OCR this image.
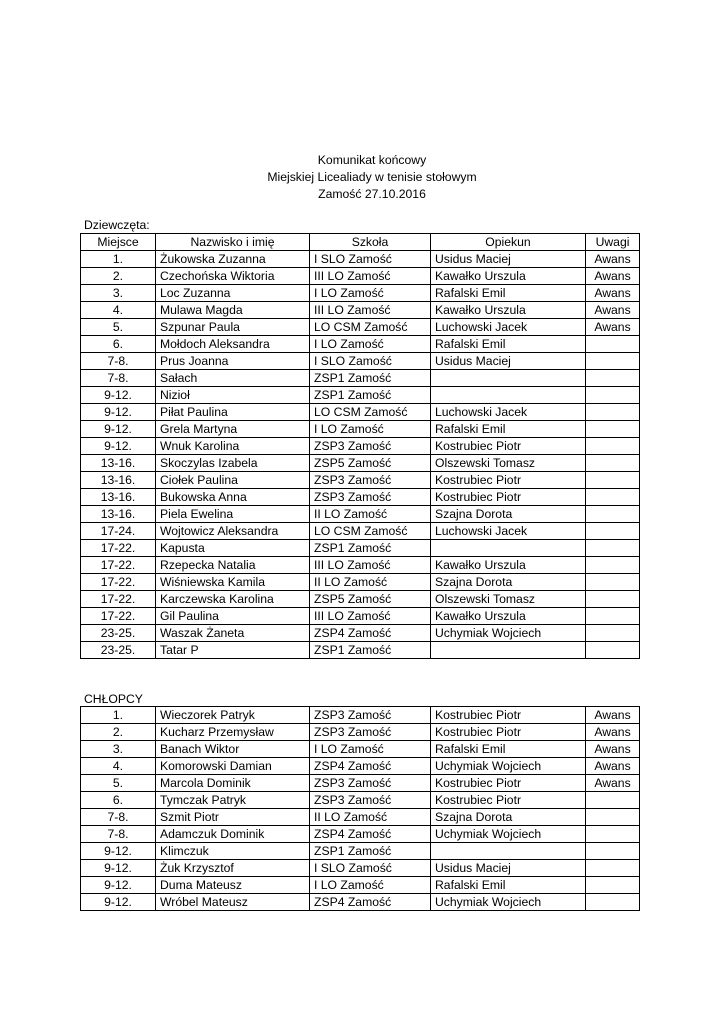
Komunikat końcowy
Miejskiej Licealiady w tenisie stołowym
Zamość 27.10.2016
Dziewczęta:
Miejsce	Nazwisko i imię	Szkoła	Opiekun	Uwagi
1.	Żukowska Zuzanna	I SLO Zamość	Usidus Maciej	Awans
2.	Czechońska Wiktoria	III LO Zamość	Kawałko Urszula	Awans
3.	Loc Zuzanna	I LO Zamość	Rafalski Emil	Awans
4.	Mulawa Magda	III LO Zamość	Kawałko Urszula	Awans
5.	Szpunar Paula	LO CSM Zamość	Luchowski Jacek	Awans
6.	Mołdoch Aleksandra	I LO Zamość	Rafalski Emil	
7-8.	Prus Joanna	I SLO Zamość	Usidus Maciej	
7-8.	Sałach	ZSP1 Zamość		
9-12.	Nizioł	ZSP1 Zamość		
9-12.	Piłat Paulina	LO CSM Zamość	Luchowski Jacek	
9-12.	Grela Martyna	I LO Zamość	Rafalski Emil	
9-12.	Wnuk Karolina	ZSP3 Zamość	Kostrubiec Piotr	
13-16.	Skoczylas Izabela	ZSP5 Zamość	Olszewski Tomasz	
13-16.	Ciołek Paulina	ZSP3 Zamość	Kostrubiec Piotr	
13-16.	Bukowska Anna	ZSP3 Zamość	Kostrubiec Piotr	
13-16.	Piela Ewelina	II LO Zamość	Szajna Dorota	
17-24.	Wojtowicz Aleksandra	LO CSM Zamość	Luchowski Jacek	
17-22.	Kapusta	ZSP1 Zamość		
17-22.	Rzepecka Natalia	III LO Zamość	Kawałko Urszula	
17-22.	Wiśniewska Kamila	II LO Zamość	Szajna Dorota	
17-22.	Karczewska Karolina	ZSP5 Zamość	Olszewski Tomasz	
17-22.	Gil Paulina	III LO Zamość	Kawałko Urszula	
23-25.	Waszak Żaneta	ZSP4 Zamość	Uchymiak Wojciech	
23-25.	Tatar P	ZSP1 Zamość		
CHŁOPCY
1.	Wieczorek Patryk	ZSP3 Zamość	Kostrubiec Piotr	Awans
2.	Kucharz Przemysław	ZSP3 Zamość	Kostrubiec Piotr	Awans
3.	Banach Wiktor	I LO Zamość	Rafalski Emil	Awans
4.	Komorowski Damian	ZSP4 Zamość	Uchymiak Wojciech	Awans
5.	Marcola Dominik	ZSP3 Zamość	Kostrubiec Piotr	Awans
6.	Tymczak Patryk	ZSP3 Zamość	Kostrubiec Piotr	
7-8.	Szmit Piotr	II LO Zamość	Szajna Dorota	
7-8.	Adamczuk Dominik	ZSP4 Zamość	Uchymiak Wojciech	
9-12.	Klimczuk	ZSP1 Zamość		
9-12.	Żuk Krzysztof	I SLO Zamość	Usidus Maciej	
9-12.	Duma Mateusz	I LO Zamość	Rafalski Emil	
9-12.	Wróbel Mateusz	ZSP4 Zamość	Uchymiak Wojciech	
